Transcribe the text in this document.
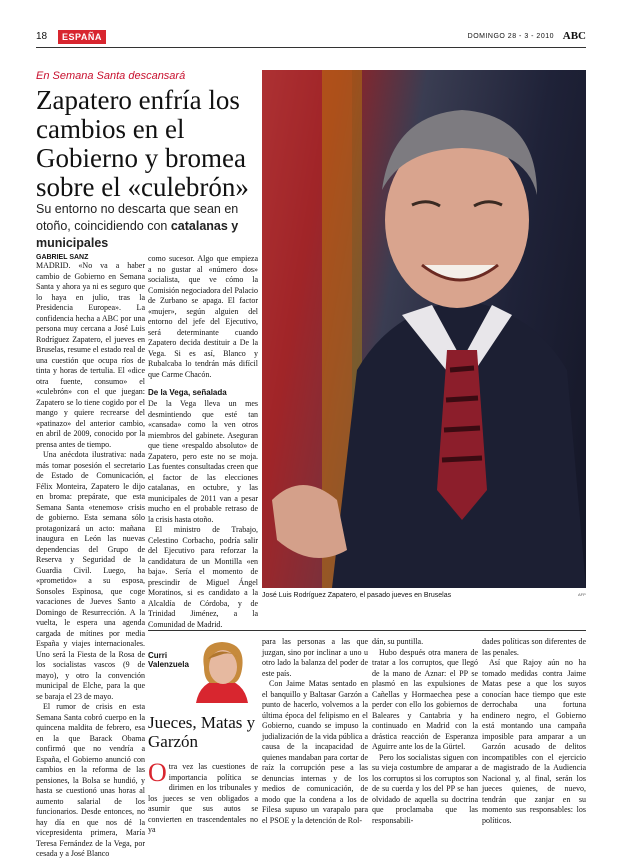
18	ESPAÑA	DOMINGO 28 - 3 - 2010 ABC
En Semana Santa descansará
Zapatero enfría los cambios en el Gobierno y bromea sobre el «culebrón»
Su entorno no descarta que sean en otoño, coincidiendo con catalanas y municipales
José Luis Rodríguez Zapatero, el pasado jueves en Bruselas	AFP

GABRIEL SANZ

MADRID. «No va a haber cambio de Gobierno en Semana Santa y ahora ya ni es seguro que lo haya en julio, tras la Presidencia Europea». La confidencia hecha a ABC por una persona muy cercana a José Luis Rodríguez Zapatero, el jueves en Bruselas, resume el estado real de una cuestión que ocupa ríos de tinta y horas de tertulia. El «dice otra fuente, consumo» el «culebrón» con el que juegan: Zapatero se lo tiene cogido por el mango y quiere recrearse del «patinazo» del anterior cambio, en abril de 2009, conocido por la prensa antes de tiempo.

Una anécdota ilustrativa: nada más tomar posesión el secretario de Estado de Comunicación, Félix Monteira, Zapatero le dijo en broma: prepárate, que esta Semana Santa «tenemos» crisis de gobierno. Esta semana sólo protagonizará un acto: mañana inaugura en León las nuevas dependencias del Grupo de Reserva y Seguridad de la Guardia Civil. Luego, ha «prometido» a su esposa, Sonsoles Espinosa, que coge vacaciones de Jueves Santo a Domingo de Resurrección. A la vuelta, le espera una agenda cargada de mítines por media España y viajes internacionales. Uno será la Fiesta de la Rosa de los socialistas vascos (9 de mayo), y otro la convención municipal de Elche, para la que se baraja el 23 de mayo.

El rumor de crisis en esta Semana Santa cobró cuerpo en la quincena maldita de febrero, esa en la que Barack Obama confirmó que no vendría a España, el Gobierno anunció con cambios en la reforma de las pensiones, la Bolsa se hundió, y hasta se cuestionó unas horas al aumento salarial de los funcionarios. Desde entonces, no hay día en que nos dé la vicepresidenta primera, María Teresa Fernández de la Vega, por cesada y a José Blanco

como sucesor. Algo que empieza a no gustar al «número dos» socialista, que ve cómo la Comisión negociadora del Palacio de Zurbano se apaga. El factor «mujer», según alguien del entorno del jefe del Ejecutivo, será determinante cuando Zapatero decida destituir a De la Vega. Si es así, Blanco y Rubalcaba lo tendrán más difícil que Carme Chacón.

De la Vega, señalada

De la Vega lleva un mes desmintiendo que esté tan «cansada» como la ven otros miembros del gabinete. Aseguran que tiene «respaldo absoluto» de Zapatero, pero este no se moja. Las fuentes consultadas creen que el factor de las elecciones catalanas, en octubre, y las municipales de 2011 van a pesar mucho en el probable retraso de la crisis hasta otoño.

El ministro de Trabajo, Celestino Corbacho, podría salir del Ejecutivo para reforzar la candidatura de un Montilla «en baja». Sería el momento de prescindir de Miguel Ángel Moratinos, si es candidato a la Alcaldía de Córdoba, y de Trinidad Jiménez, a la Comunidad de Madrid.

Curri
Valenzuela
Jueces, Matas y Garzón

Otra vez las cuestiones de importancia política se dirimen en los tribunales y los jueces se ven obligados a asumir que sus autos se convierten en trascendentales no ya

para las personas a las que juzgan, sino por inclinar a uno u otro lado la balanza del poder de este país.

Con Jaime Matas sentado en el banquillo y Baltasar Garzón a punto de hacerlo, volvemos a la última época del felipismo en el Gobierno, cuando se impuso la judialización de la vida pública a causa de la incapacidad de quienes mandaban para cortar de raíz la corrupción pese a las denuncias internas y de los medios de comunicación, de modo que la condena a los de Filesa supuso un varapalo para el PSOE y la detención de Rol-

dán, su puntilla.

Hubo después otra manera de tratar a los corruptos, que llegó de la mano de Aznar: el PP se plasmó en las expulsiones de Cañellas y Hormaechea pese a perder con ello los gobiernos de Baleares y Cantabria y ha continuado en Madrid con la drástica reacción de Esperanza Aguirre ante los de la Gürtel.

Pero los socialistas siguen con su vieja costumbre de amparar a los corruptos si los corruptos son de su cuerda y los del PP se han olvidado de aquella su doctrina que proclamaba que las responsabili-

dades políticas son diferentes de las penales.

Así que Rajoy aún no ha tomado medidas contra Jaime Matas pese a que los suyos conocían hace tiempo que este derrochaba una fortuna endinero negro, el Gobierno está montando una campaña imposible para amparar a un Garzón acusado de delitos incompatibles con el ejercicio de magistrado de la Audiencia Nacional y, al final, serán los jueces quienes, de nuevo, tendrán que zanjar en su momento sus responsables: los políticos.
